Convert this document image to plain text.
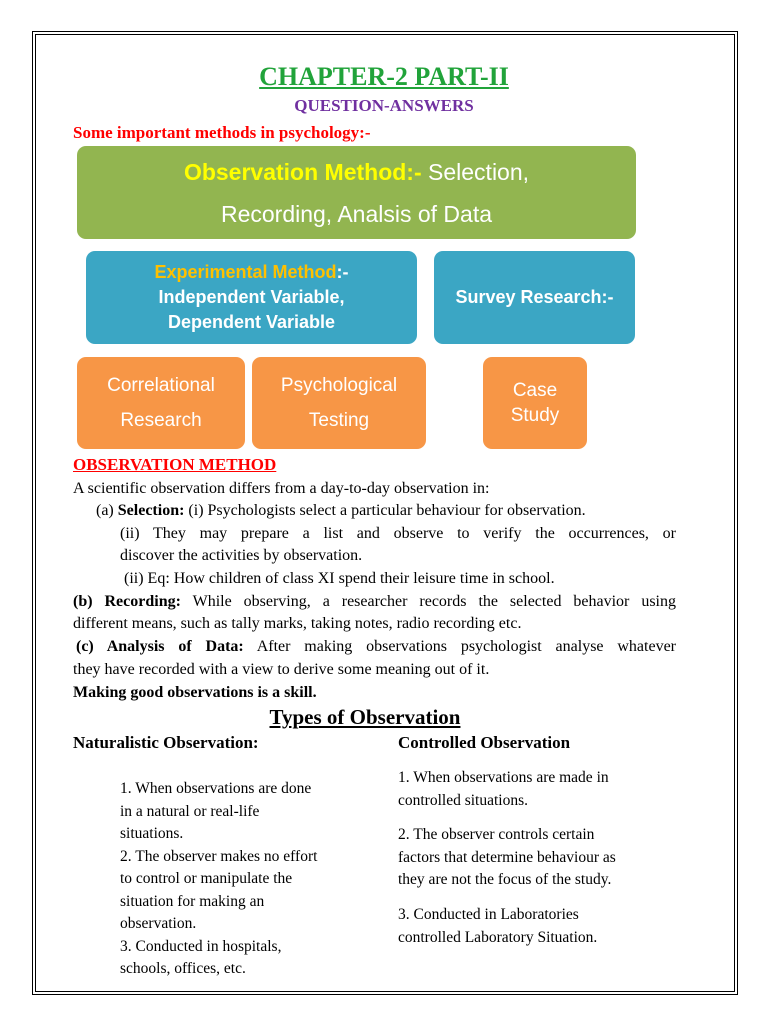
CHAPTER-2 PART-II
QUESTION-ANSWERS
Some important methods in psychology:-
Observation Method:- Selection,
Recording, Analsis of Data
Experimental Method:-
Independent Variable,
Dependent Variable
Survey Research:-
Correlational
Research
Psychological
Testing
Case
Study
OBSERVATION METHOD
A scientific observation differs from a day-to-day observation in:
(a) Selection: (i) Psychologists select a particular behaviour for observation.
(ii) They may prepare a list and observe to verify the occurrences, or
discover the activities by observation.
(ii) Eq: How children of class XI spend their leisure time in school.
(b) Recording: While observing, a researcher records the selected behavior using
different means, such as tally marks, taking notes, radio recording etc.
(c) Analysis of Data: After making observations psychologist analyse whatever
they have recorded with a view to derive some meaning out of it.
Making good observations is a skill.
Types of Observation
Naturalistic Observation:	Controlled Observation
1. When observations are done
in a natural or real-life
situations.
2. The observer makes no effort
to control or manipulate the
situation for making an
observation.
3. Conducted in hospitals,
schools, offices, etc.
1. When observations are made in
controlled situations.
2. The observer controls certain
factors that determine behaviour as
they are not the focus of the study.
3. Conducted in Laboratories
controlled Laboratory Situation.
